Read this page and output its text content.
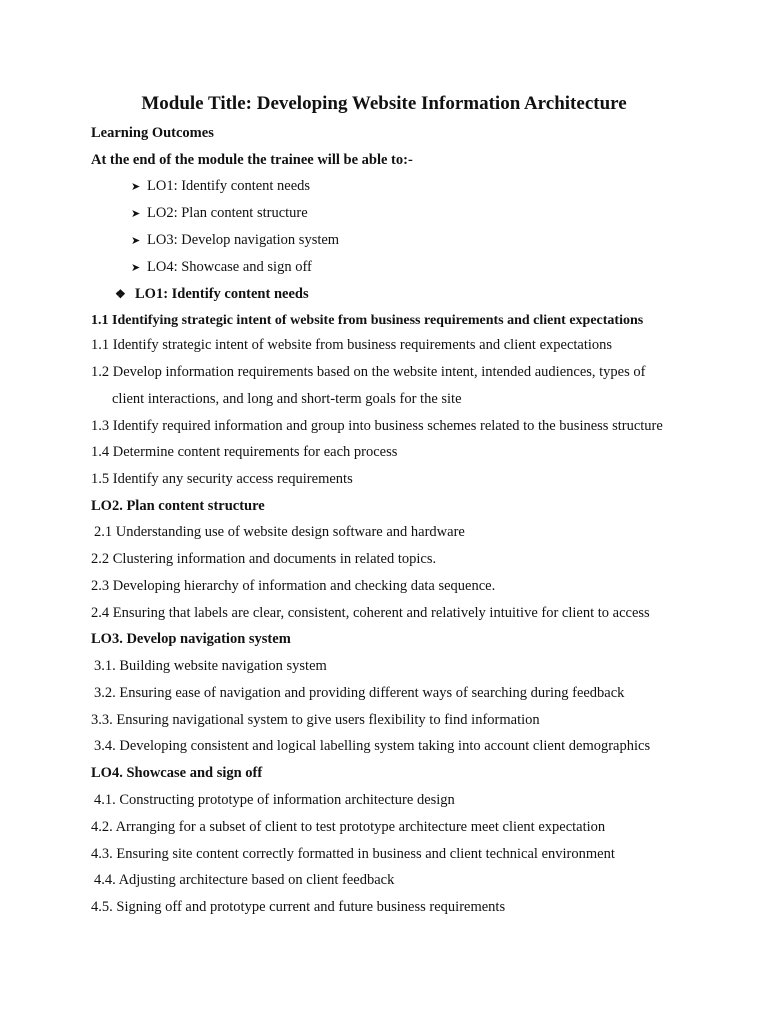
Module Title: Developing Website Information Architecture
Learning Outcomes
At the end of the module the trainee will be able to:-
➤ LO1: Identify content needs
➤ LO2: Plan content structure
➤ LO3: Develop navigation system
➤ LO4: Showcase and sign off
❖ LO1: Identify content needs
1.1 Identifying strategic intent of website from business requirements and client expectations
1.1 Identify strategic intent of website from business requirements and client expectations
1.2 Develop information requirements based on the website intent, intended audiences, types of
client interactions, and long and short-term goals for the site
1.3 Identify required information and group into business schemes related to the business structure
1.4 Determine content requirements for each process
1.5 Identify any security access requirements
LO2. Plan content structure
2.1 Understanding use of website design software and hardware
2.2 Clustering information and documents in related topics.
2.3 Developing hierarchy of information and checking data sequence.
2.4 Ensuring that labels are clear, consistent, coherent and relatively intuitive for client to access
LO3. Develop navigation system
3.1. Building website navigation system
3.2. Ensuring ease of navigation and providing different ways of searching during feedback
3.3. Ensuring navigational system to give users flexibility to find information
3.4. Developing consistent and logical labelling system taking into account client demographics
LO4. Showcase and sign off
4.1. Constructing prototype of information architecture design
4.2. Arranging for a subset of client to test prototype architecture meet client expectation
4.3. Ensuring site content correctly formatted in business and client technical environment
4.4. Adjusting architecture based on client feedback
4.5. Signing off and prototype current and future business requirements
